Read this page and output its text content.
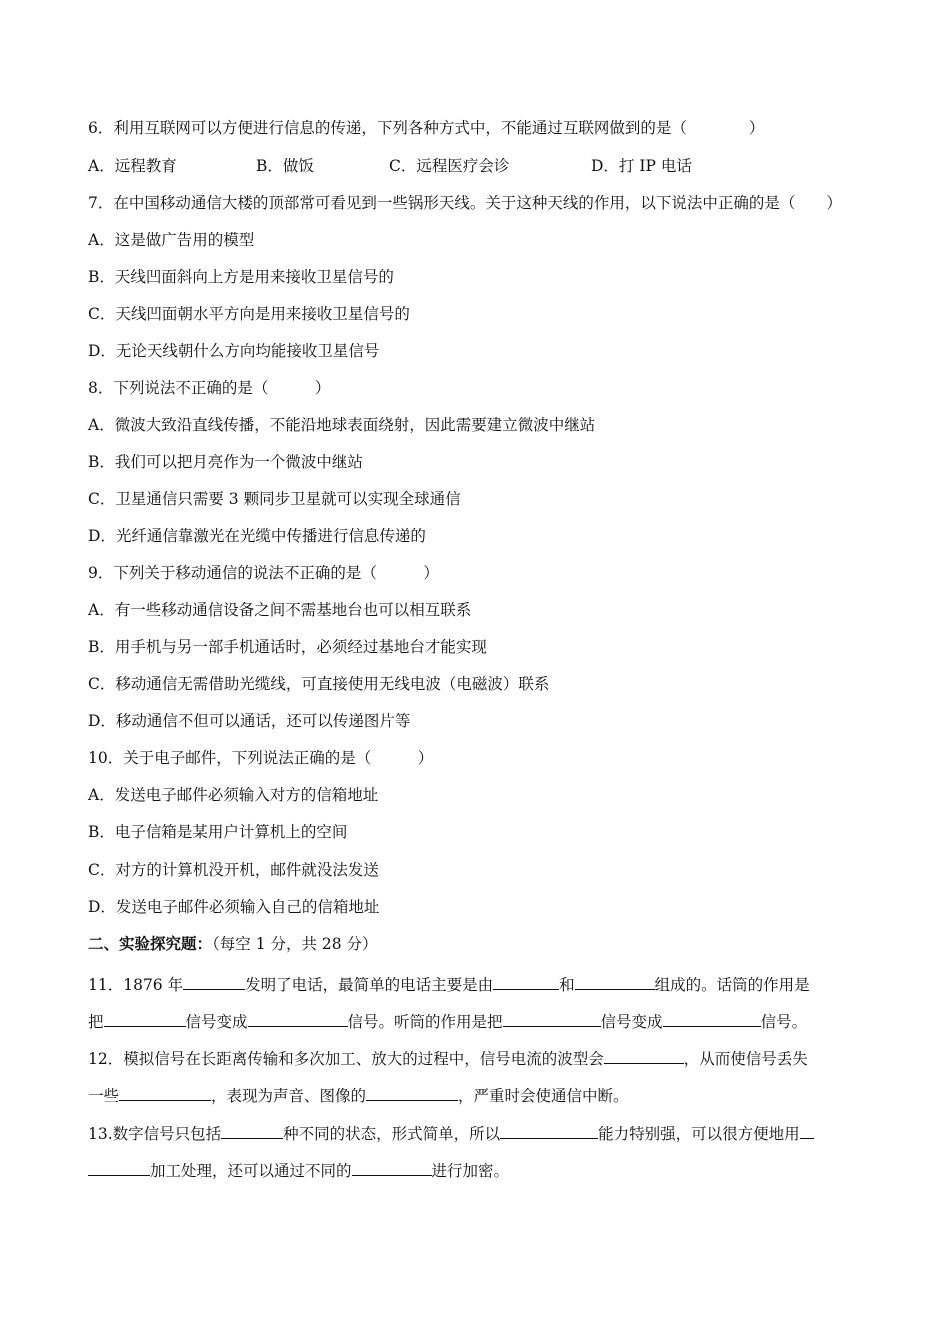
6．利用互联网可以方便进行信息的传递，下列各种方式中，不能通过互联网做到的是（　　　　）
A．远程教育	B．做饭	C．远程医疗会诊	D．打 IP 电话
7．在中国移动通信大楼的顶部常可看见到一些锅形天线。关于这种天线的作用，以下说法中正确的是（　　）
A．这是做广告用的模型
B．天线凹面斜向上方是用来接收卫星信号的
C．天线凹面朝水平方向是用来接收卫星信号的
D．无论天线朝什么方向均能接收卫星信号
8．下列说法不正确的是（　　　）
A．微波大致沿直线传播，不能沿地球表面绕射，因此需要建立微波中继站
B．我们可以把月亮作为一个微波中继站
C．卫星通信只需要 3 颗同步卫星就可以实现全球通信
D．光纤通信靠激光在光缆中传播进行信息传递的
9．下列关于移动通信的说法不正确的是（　　　）
A．有一些移动通信设备之间不需基地台也可以相互联系
B．用手机与另一部手机通话时，必须经过基地台才能实现
C．移动通信无需借助光缆线，可直接使用无线电波（电磁波）联系
D．移动通信不但可以通话，还可以传递图片等
10．关于电子邮件，下列说法正确的是（　　　）
A．发送电子邮件必须输入对方的信箱地址
B．电子信箱是某用户计算机上的空间
C．对方的计算机没开机，邮件就没法发送
D．发送电子邮件必须输入自己的信箱地址
二、实验探究题：（每空 1 分，共 28 分）
11．1876 年	发明了电话，最简单的电话主要是由	和	组成的。话筒的作用是
把	信号变成	信号。听筒的作用是把	信号变成	信号。
12．模拟信号在长距离传输和多次加工、放大的过程中，信号电流的波型会	，从而使信号丢失
一些	，表现为声音、图像的	，严重时会使通信中断。
13.数字信号只包括	种不同的状态，形式简单，所以	能力特别强，可以很方便地用
加工处理，还可以通过不同的	进行加密。
